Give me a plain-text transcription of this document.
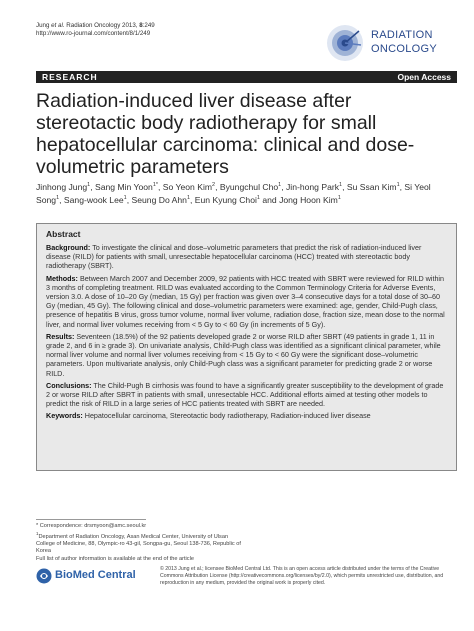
Jung et al. Radiation Oncology 2013, 8:249
http://www.ro-journal.com/content/8/1/249	RADIATION
ONCOLOGY
RESEARCH	Open Access
Radiation-induced liver disease after stereotactic body radiotherapy for small hepatocellular carcinoma: clinical and dose-volumetric parameters
Jinhong Jung$^1$, Sang Min Yoon$^{1*}$, So Yeon Kim$^2$, Byungchul Cho$^1$, Jin-hong Park$^1$, Su Ssan Kim$^1$, Si Yeol Song$^1$, Sang-wook Lee$^1$, Seung Do Ahn$^1$, Eun Kyung Choi$^1$ and Jong Hoon Kim$^1$
Abstract

Background: To investigate the clinical and dose–volumetric parameters that predict the risk of radiation-induced liver disease (RILD) for patients with small, unresectable hepatocellular carcinoma (HCC) treated with stereotactic body radiotherapy (SBRT).

Methods: Between March 2007 and December 2009, 92 patients with HCC treated with SBRT were reviewed for RILD within 3 months of completing treatment. RILD was evaluated according to the Common Terminology Criteria for Adverse Events, version 3.0. A dose of 10–20 Gy (median, 15 Gy) per fraction was given over 3–4 consecutive days for a total dose of 30–60 Gy (median, 45 Gy). The following clinical and dose–volumetric parameters were examined: age, gender, Child-Pugh class, presence of hepatitis B virus, gross tumor volume, normal liver volume, radiation dose, fraction size, mean dose to the normal liver, and normal liver volumes receiving from < 5 Gy to < 60 Gy (in increments of 5 Gy).

Results: Seventeen (18.5%) of the 92 patients developed grade 2 or worse RILD after SBRT (49 patients in grade 1, 11 in grade 2, and 6 in ≥ grade 3). On univariate analysis, Child-Pugh class was identified as a significant clinical parameter, while normal liver volume and normal liver volumes receiving from < 15 Gy to < 60 Gy were the significant dose–volumetric parameters. Upon multivariate analysis, only Child-Pugh class was a significant parameter for predicting grade 2 or worse RILD.

Conclusions: The Child-Pugh B cirrhosis was found to have a significantly greater susceptibility to the development of grade 2 or worse RILD after SBRT in patients with small, unresectable HCC. Additional efforts aimed at testing other models to predict the risk of RILD in a large series of HCC patients treated with SBRT are needed.

Keywords: Hepatocellular carcinoma, Stereotactic body radiotherapy, Radiation-induced liver disease

* Correspondence: drsmyoon@amc.seoul.kr

$^1$Department of Radiation Oncology, Asan Medical Center, University of Ulsan College of Medicine, 88, Olympic-ro 43-gil, Songpa-gu, Seoul 138-736, Republic of Korea

Full list of author information is available at the end of the article

BioMed Central	© 2013 Jung et al.; licensee BioMed Central Ltd. This is an open access article distributed under the terms of the Creative Commons Attribution License (http://creativecommons.org/licenses/by/2.0), which permits unrestricted use, distribution, and reproduction in any medium, provided the original work is properly cited.
